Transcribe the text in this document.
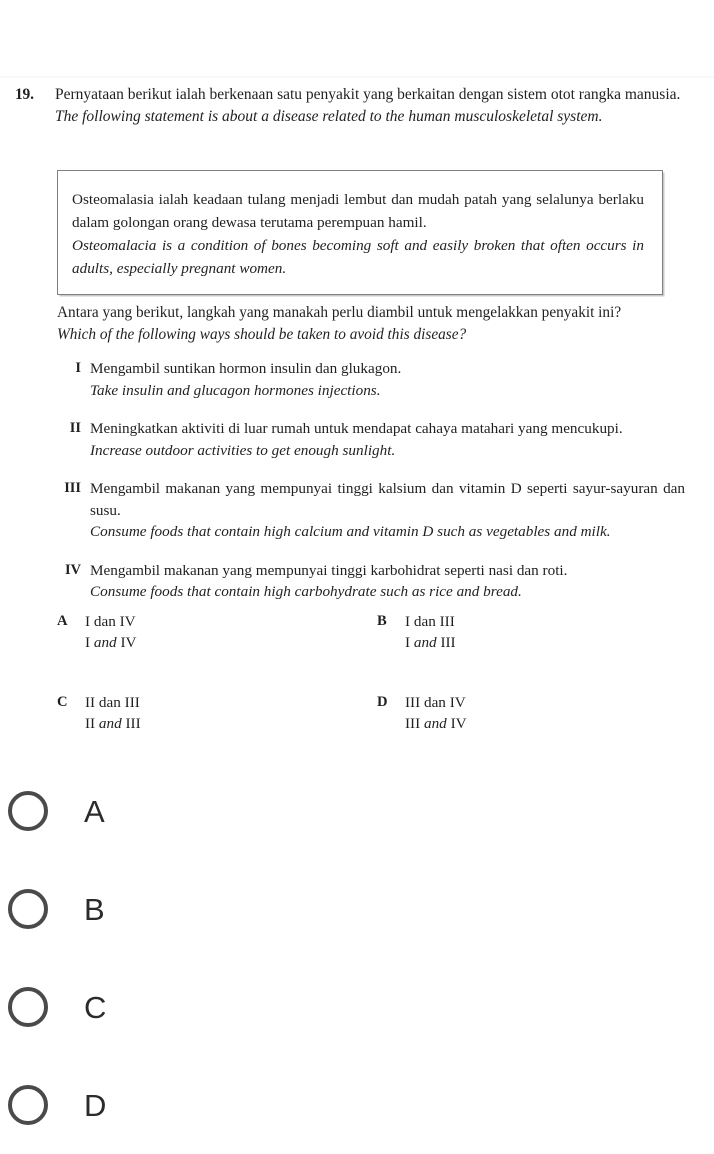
19.	Pernyataan berikut ialah berkenaan satu penyakit yang berkaitan dengan sistem otot rangka manusia.
The following statement is about a disease related to the human musculoskeletal system.

Osteomalasia ialah keadaan tulang menjadi lembut dan mudah patah yang selalunya berlaku dalam golongan orang dewasa terutama perempuan hamil.

Osteomalacia is a condition of bones becoming soft and easily broken that often occurs in adults, especially pregnant women.

Antara yang berikut, langkah yang manakah perlu diambil untuk mengelakkan penyakit ini?
Which of the following ways should be taken to avoid this disease?
I Mengambil suntikan hormon insulin dan glukagon.
Take insulin and glucagon hormones injections.
II Meningkatkan aktiviti di luar rumah untuk mendapat cahaya matahari yang mencukupi.
Increase outdoor activities to get enough sunlight.
III Mengambil makanan yang mempunyai tinggi kalsium dan vitamin D seperti sayur-sayuran dan susu.
Consume foods that contain high calcium and vitamin D such as vegetables and milk.
IV Mengambil makanan yang mempunyai tinggi karbohidrat seperti nasi dan roti.
Consume foods that contain high carbohydrate such as rice and bread.
A	I dan IV
I and IV
B	I dan III
I and III
C	II dan III
II and III
D	III dan IV
III and IV
A
B
C
D
